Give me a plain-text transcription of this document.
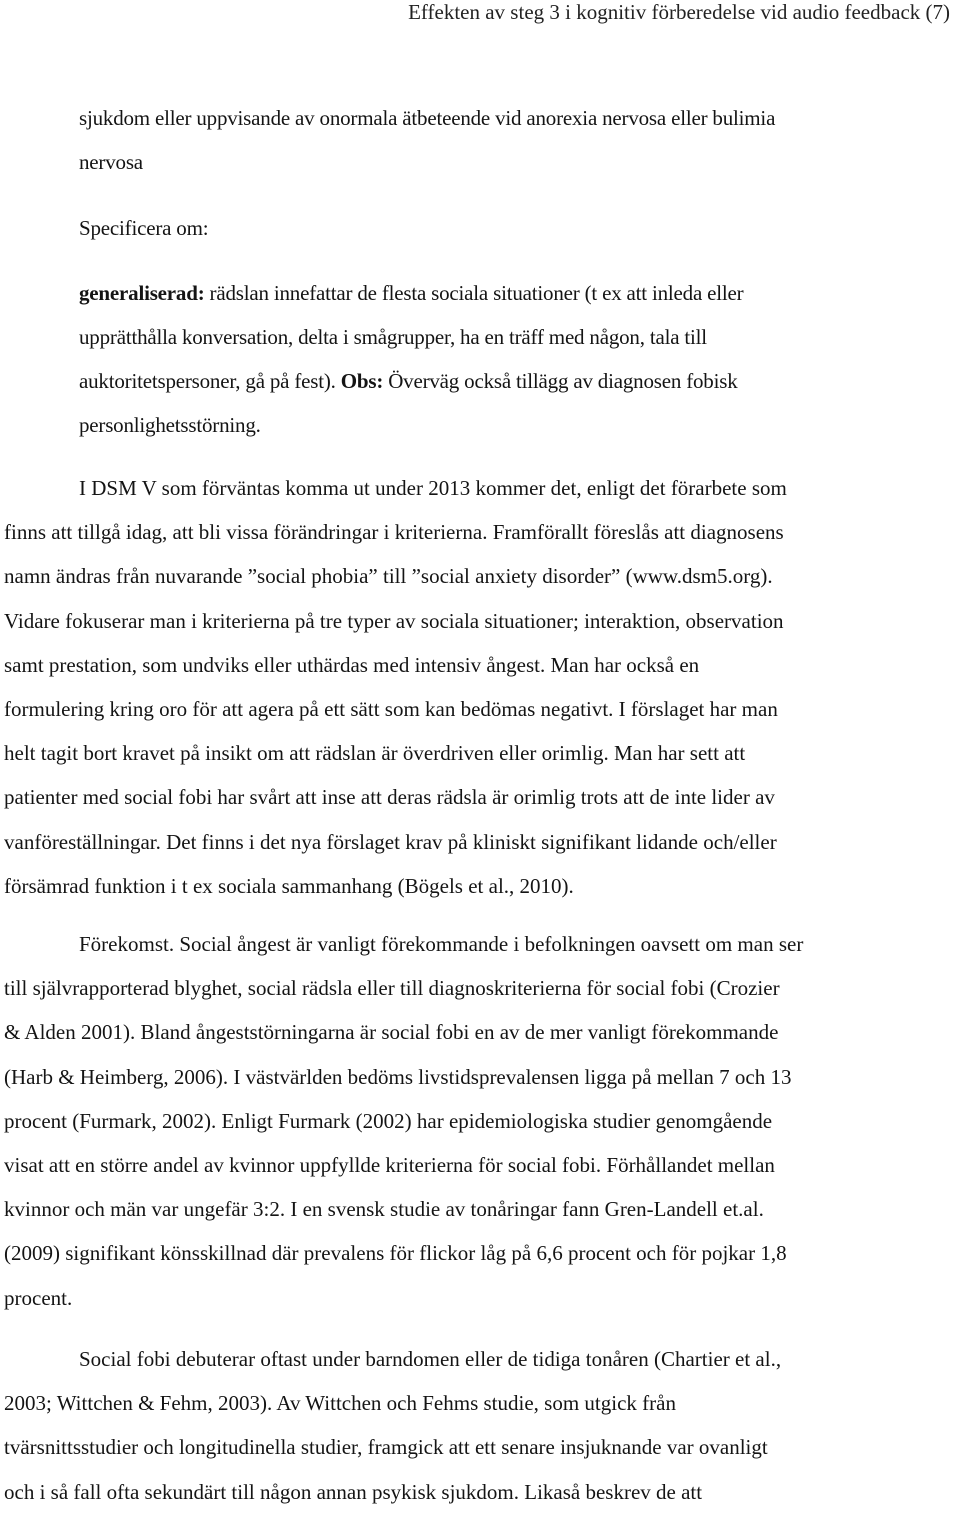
Effekten av steg 3 i kognitiv förberedelse vid audio feedback (7)

sjukdom eller uppvisande av onormala ätbeteende vid anorexia nervosa eller bulimia

nervosa

Specificera om:

generaliserad: rädslan innefattar de flesta sociala situationer (t ex att inleda eller

upprätthålla konversation, delta i smågrupper, ha en träff med någon, tala till

auktoritetspersoner, gå på fest). Obs: Överväg också tillägg av diagnosen fobisk

personlighetsstörning.

I DSM V som förväntas komma ut under 2013 kommer det, enligt det förarbete som

finns att tillgå idag, att bli vissa förändringar i kriterierna. Framförallt föreslås att diagnosens

namn ändras från nuvarande ”social phobia” till ”social anxiety disorder” (www.dsm5.org).

Vidare fokuserar man i kriterierna på tre typer av sociala situationer; interaktion, observation

samt prestation, som undviks eller uthärdas med intensiv ångest. Man har också en

formulering kring oro för att agera på ett sätt som kan bedömas negativt. I förslaget har man

helt tagit bort kravet på insikt om att rädslan är överdriven eller orimlig. Man har sett att

patienter med social fobi har svårt att inse att deras rädsla är orimlig trots att de inte lider av

vanföreställningar. Det finns i det nya förslaget krav på kliniskt signifikant lidande och/eller

försämrad funktion i t ex sociala sammanhang (Bögels et al., 2010).

Förekomst. Social ångest är vanligt förekommande i befolkningen oavsett om man ser

till självrapporterad blyghet, social rädsla eller till diagnoskriterierna för social fobi (Crozier

& Alden 2001). Bland ångeststörningarna är social fobi en av de mer vanligt förekommande

(Harb & Heimberg, 2006). I västvärlden bedöms livstidsprevalensen ligga på mellan 7 och 13

procent (Furmark, 2002). Enligt Furmark (2002) har epidemiologiska studier genomgående

visat att en större andel av kvinnor uppfyllde kriterierna för social fobi. Förhållandet mellan

kvinnor och män var ungefär 3:2. I en svensk studie av tonåringar fann Gren-Landell et.al.

(2009) signifikant könsskillnad där prevalens för flickor låg på 6,6 procent och för pojkar 1,8

procent.

Social fobi debuterar oftast under barndomen eller de tidiga tonåren (Chartier et al.,

2003; Wittchen & Fehm, 2003). Av Wittchen och Fehms studie, som utgick från

tvärsnittsstudier och longitudinella studier, framgick att ett senare insjuknande var ovanligt

och i så fall ofta sekundärt till någon annan psykisk sjukdom. Likaså beskrev de att
